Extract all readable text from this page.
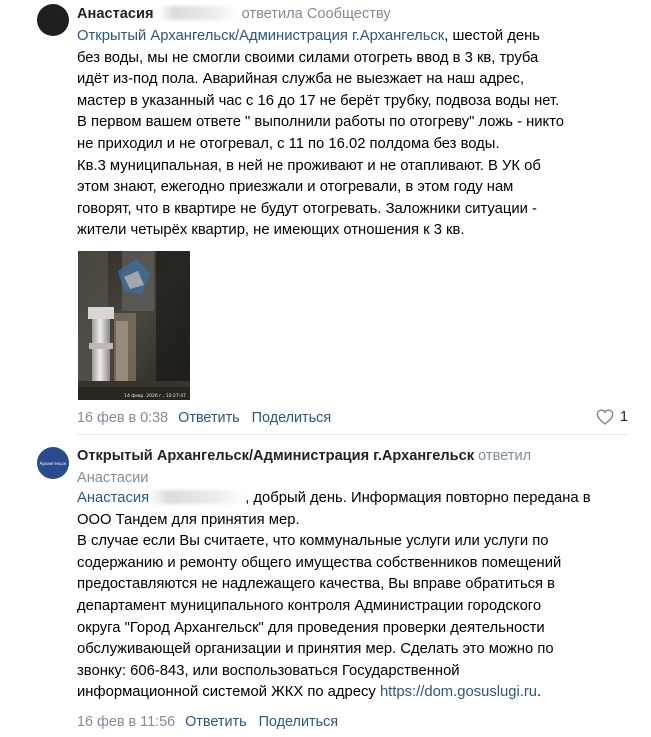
Анастасия	ответила Сообществу
Открытый Архангельск/Администрация г.Архангельск, шестой день
без воды, мы не смогли своими силами отогреть ввод в 3 кв, труба
идёт из-под пола. Аварийная служба не выезжает на наш адрес,
мастер в указанный час с 16 до 17 не берёт трубку, подвоза воды нет.
В первом вашем ответе " выполнили работы по отогреву" ложь - никто
не приходил и не отогревал, с 11 по 16.02 полдома без воды.
Кв.3 муниципальная, в ней не проживают и не отапливают. В УК об
этом знают, ежегодно приезжали и отогревали, в этом году нам
говорят, что в квартире не будут отогревать. Заложники ситуации -
жители четырёх квартир, не имеющих отношения к 3 кв.
14 февр. 2026 г., 10:27:47
16 фев в 0:38 Ответить Поделиться	1
Архангельск Открытый Архангельск/Администрация г.Архангельск ответил
Анастасии
Анастасия	, добрый день. Информация повторно передана в
ООО Тандем для принятия мер.
В случае если Вы считаете, что коммунальные услуги или услуги по
содержанию и ремонту общего имущества собственников помещений
предоставляются не надлежащего качества, Вы вправе обратиться в
департамент муниципального контроля Администрации городского
округа "Город Архангельск" для проведения проверки деятельности
обслуживающей организации и принятия мер. Сделать это можно по
звонку: 606-843, или воспользоваться Государственной
информационной системой ЖКХ по адресу https://dom.gosuslugi.ru.
16 фев в 11:56 Ответить Поделиться
